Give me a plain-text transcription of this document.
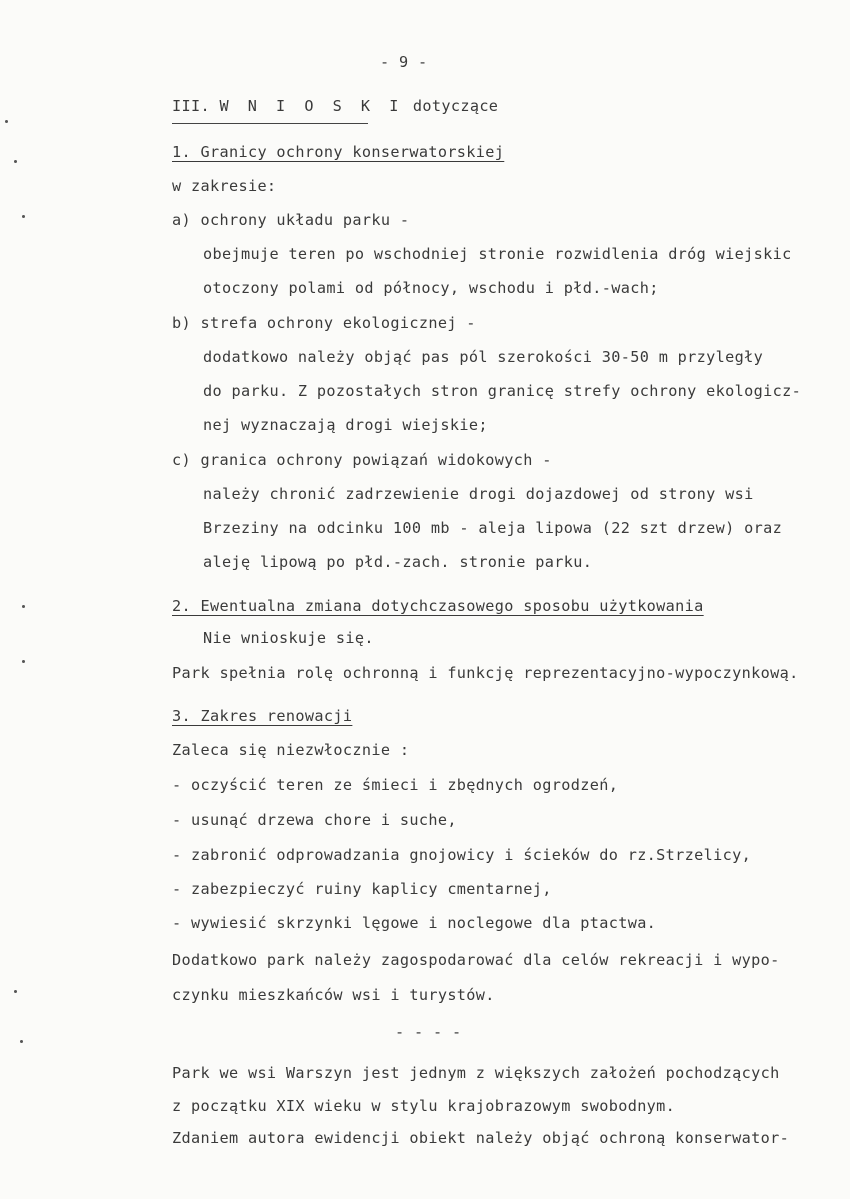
- 9 -
III. W N I O S K I dotyczące
1. Granicy ochrony konserwatorskiej
w zakresie:
a) ochrony układu parku -
obejmuje teren po wschodniej stronie rozwidlenia dróg wiejskic
otoczony polami od północy, wschodu i płd.-wach;
b) strefa ochrony ekologicznej -
dodatkowo należy objąć pas pól szerokości 30-50 m przyległy
do parku. Z pozostałych stron granicę strefy ochrony ekologicz-
nej wyznaczają drogi wiejskie;
c) granica ochrony powiązań widokowych -
należy chronić zadrzewienie drogi dojazdowej od strony wsi
Brzeziny na odcinku 100 mb - aleja lipowa (22 szt drzew) oraz
aleję lipową po płd.-zach. stronie parku.
2. Ewentualna zmiana dotychczasowego sposobu użytkowania
Nie wnioskuje się.
Park spełnia rolę ochronną i funkcję reprezentacyjno-wypoczynkową.
3. Zakres renowacji
Zaleca się niezwłocznie :
- oczyścić teren ze śmieci i zbędnych ogrodzeń,
- usunąć drzewa chore i suche,
- zabronić odprowadzania gnojowicy i ścieków do rz.Strzelicy,
- zabezpieczyć ruiny kaplicy cmentarnej,
- wywiesić skrzynki lęgowe i noclegowe dla ptactwa.
Dodatkowo park należy zagospodarować dla celów rekreacji i wypo-
czynku mieszkańców wsi i turystów.
- - - -
Park we wsi Warszyn jest jednym z większych założeń pochodzących
z początku XIX wieku w stylu krajobrazowym swobodnym.
Zdaniem autora ewidencji obiekt należy objąć ochroną konserwator-
